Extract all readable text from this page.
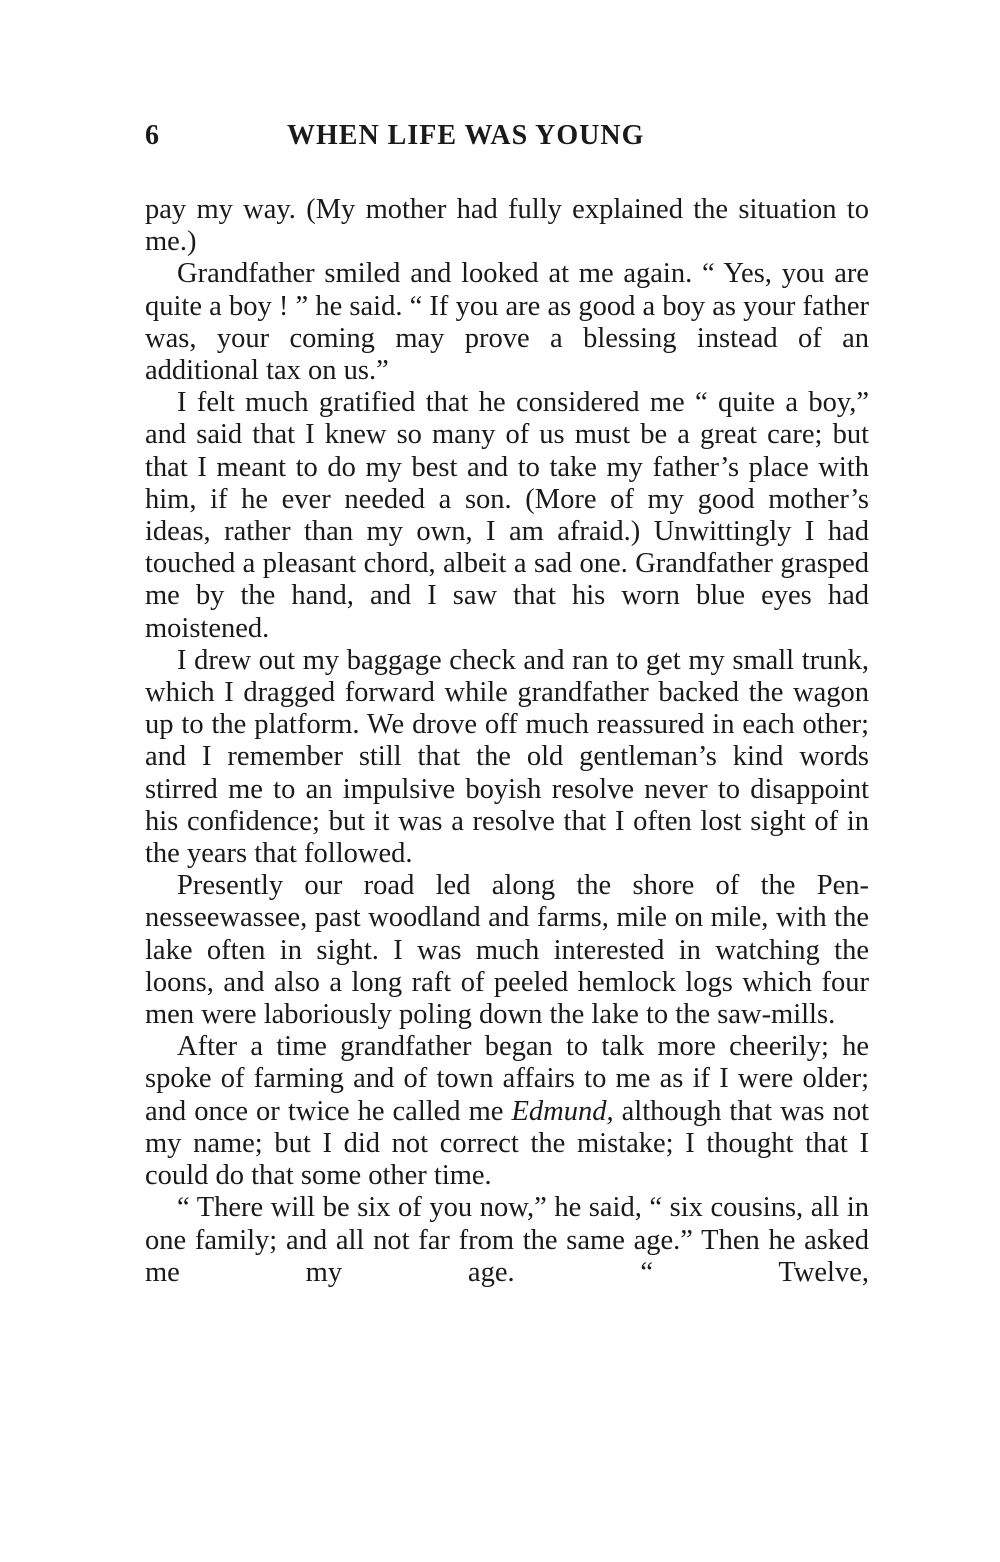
6	WHEN LIFE WAS YOUNG

pay my way. (My mother had fully explained the situation to me.)

Grandfather smiled and looked at me again. “ Yes, you are quite a boy ! ” he said. “ If you are as good a boy as your father was, your coming may prove a blessing instead of an additional tax on us.”

I felt much gratified that he considered me “ quite a boy,” and said that I knew so many of us must be a great care; but that I meant to do my best and to take my father’s place with him, if he ever needed a son. (More of my good mother’s ideas, rather than my own, I am afraid.) Unwittingly I had touched a pleasant chord, albeit a sad one. Grandfather grasped me by the hand, and I saw that his worn blue eyes had moistened.

I drew out my baggage check and ran to get my small trunk, which I dragged forward while grandfather backed the wagon up to the platform. We drove off much reassured in each other; and I remember still that the old gentleman’s kind words stirred me to an impulsive boyish resolve never to disappoint his confidence; but it was a resolve that I often lost sight of in the years that followed.

Presently our road led along the shore of the Pennesseewassee, past woodland and farms, mile on mile, with the lake often in sight. I was much interested in watching the loons, and also a long raft of peeled hemlock logs which four men were laboriously poling down the lake to the saw-mills.

After a time grandfather began to talk more cheerily; he spoke of farming and of town affairs to me as if I were older; and once or twice he called me Edmund, although that was not my name; but I did not correct the mistake; I thought that I could do that some other time.

“ There will be six of you now,” he said, “ six cousins, all in one family; and all not far from the same age.” Then he asked me my age. “ Twelve,
